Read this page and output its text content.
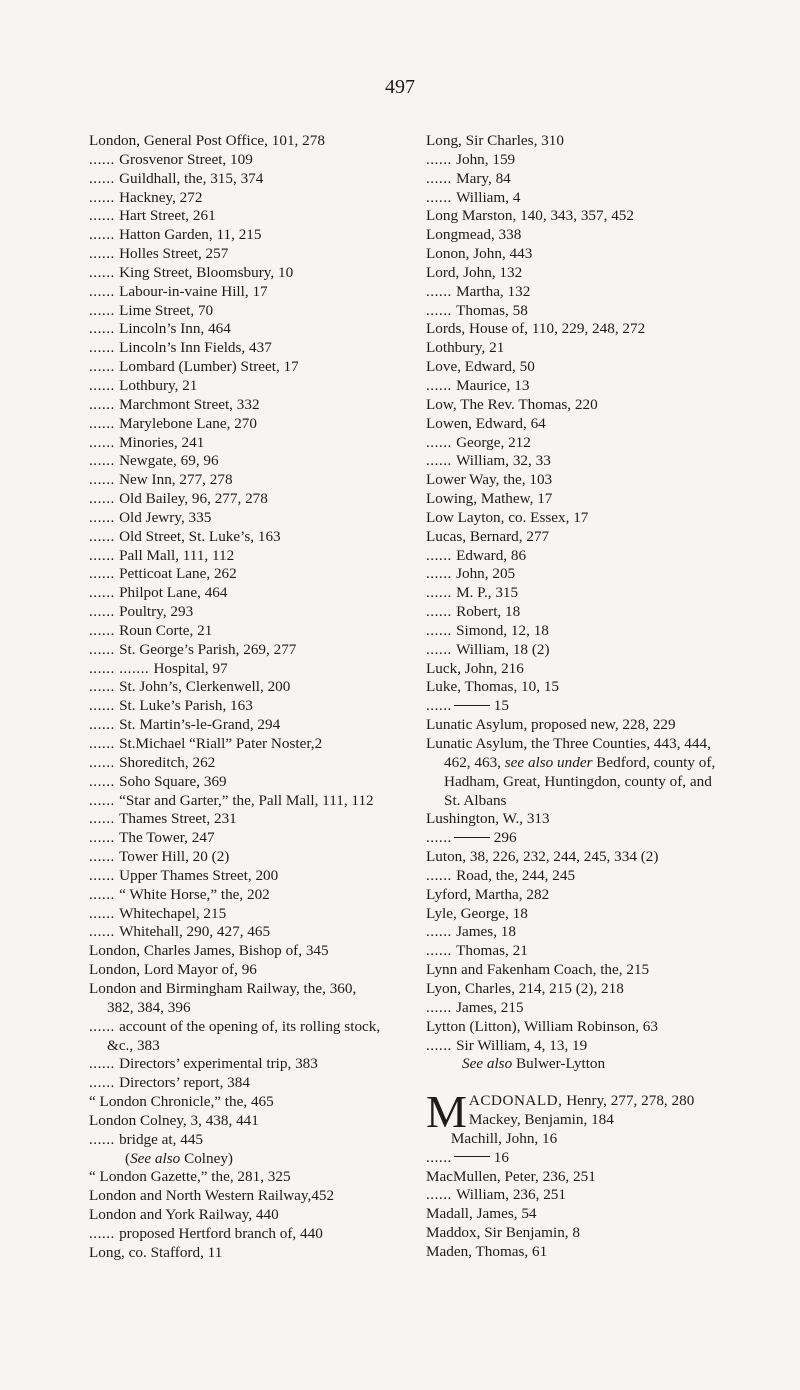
497
London, General Post Office, 101, 278
...... Grosvenor Street, 109
...... Guildhall, the, 315, 374
...... Hackney, 272
...... Hart Street, 261
...... Hatton Garden, 11, 215
...... Holles Street, 257
...... King Street, Bloomsbury, 10
...... Labour-in-vaine Hill, 17
...... Lime Street, 70
...... Lincoln’s Inn, 464
...... Lincoln’s Inn Fields, 437
...... Lombard (Lumber) Street, 17
...... Lothbury, 21
...... Marchmont Street, 332
...... Marylebone Lane, 270
...... Minories, 241
...... Newgate, 69, 96
...... New Inn, 277, 278
...... Old Bailey, 96, 277, 278
...... Old Jewry, 335
...... Old Street, St. Luke’s, 163
...... Pall Mall, 111, 112
...... Petticoat Lane, 262
...... Philpot Lane, 464
...... Poultry, 293
...... Roun Corte, 21
...... St. George’s Parish, 269, 277
...... ....... Hospital, 97
...... St. John’s, Clerkenwell, 200
...... St. Luke’s Parish, 163
...... St. Martin’s-le-Grand, 294
...... St.Michael “Riall” Pater Noster,2
...... Shoreditch, 262
...... Soho Square, 369
...... “Star and Garter,” the, Pall Mall, 111, 112
...... Thames Street, 231
...... The Tower, 247
...... Tower Hill, 20 (2)
...... Upper Thames Street, 200
...... “ White Horse,” the, 202
...... Whitechapel, 215
...... Whitehall, 290, 427, 465
London, Charles James, Bishop of, 345
London, Lord Mayor of, 96
London and Birmingham Railway, the, 360, 382, 384, 396
...... account of the opening of, its rolling stock, &c., 383
...... Directors’ experimental trip, 383
...... Directors’ report, 384
“ London Chronicle,” the, 465
London Colney, 3, 438, 441
...... bridge at, 445
(See also Colney)
“ London Gazette,” the, 281, 325
London and North Western Railway,452
London and York Railway, 440
...... proposed Hertford branch of, 440
Long, co. Stafford, 11
Long, Sir Charles, 310
...... John, 159
...... Mary, 84
...... William, 4
Long Marston, 140, 343, 357, 452
Longmead, 338
Lonon, John, 443
Lord, John, 132
...... Martha, 132
...... Thomas, 58
Lords, House of, 110, 229, 248, 272
Lothbury, 21
Love, Edward, 50
...... Maurice, 13
Low, The Rev. Thomas, 220
Lowen, Edward, 64
...... George, 212
...... William, 32, 33
Lower Way, the, 103
Lowing, Mathew, 17
Low Layton, co. Essex, 17
Lucas, Bernard, 277
...... Edward, 86
...... John, 205
...... M. P., 315
...... Robert, 18
...... Simond, 12, 18
...... William, 18 (2)
Luck, John, 216
Luke, Thomas, 10, 15
......	15
Lunatic Asylum, proposed new, 228, 229
Lunatic Asylum, the Three Counties, 443, 444, 462, 463, see also under Bedford, county of, Hadham, Great, Huntingdon, county of, and St. Albans
Lushington, W., 313
......	296
Luton, 38, 226, 232, 244, 245, 334 (2)
...... Road, the, 244, 245
Lyford, Martha, 282
Lyle, George, 18
...... James, 18
...... Thomas, 21
Lynn and Fakenham Coach, the, 215
Lyon, Charles, 214, 215 (2), 218
...... James, 215
Lytton (Litton), William Robinson, 63
...... Sir William, 4, 13, 19
See also Bulwer-Lytton
M ACDONALD, Henry, 277, 278, 280
Mackey, Benjamin, 184
Machill, John, 16
......	16
MacMullen, Peter, 236, 251
...... William, 236, 251
Madall, James, 54
Maddox, Sir Benjamin, 8
Maden, Thomas, 61
